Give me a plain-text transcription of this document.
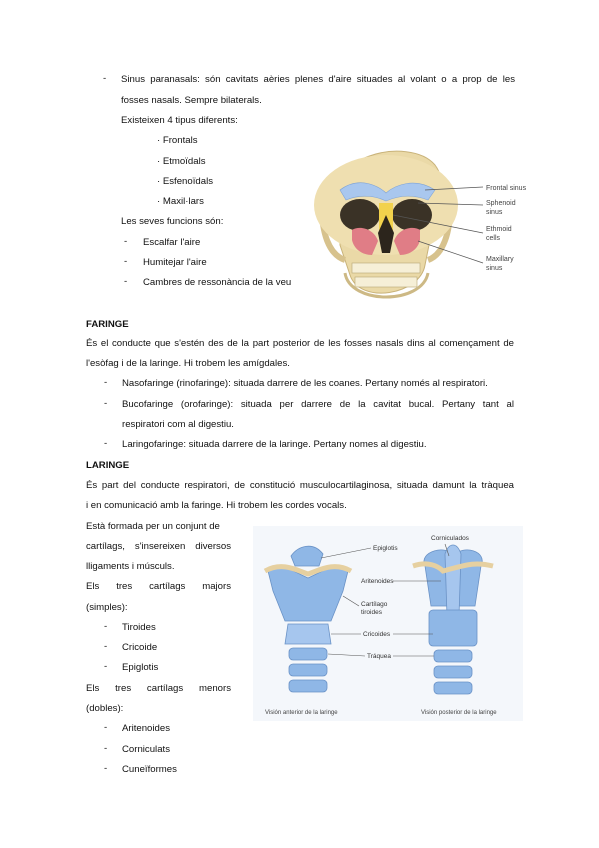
- Sinus paranasals: són cavitats aèries plenes d'aire situades al volant o a prop de les
fosses nasals. Sempre bilaterals.
Existeixen 4 tipus diferents:
· Frontals
· Etmoïdals
· Esfenoïdals
· Maxil·lars
Les seves funcions són:
- Escalfar l'aire
- Humitejar l'aire
- Cambres de ressonància de la veu
Frontal sinus
Sphenoid
sinus
Ethmoid
cells
Maxillary
sinus
FARINGE
És el conducte que s'estén des de la part posterior de les fosses nasals dins al començament de
l'esòfag i de la laringe. Hi trobem les amígdales.
- Nasofaringe (rinofaringe): situada darrere de les coanes. Pertany només al respiratori.
- Bucofaringe (orofaringe): situada per darrere de la cavitat bucal. Pertany tant al
respiratori com al digestiu.
- Laringofaringe: situada darrere de la laringe. Pertany nomes al digestiu.
LARINGE
És part del conducte respiratori, de constitució musculocartilaginosa, situada damunt la tràquea
i en comunicació amb la faringe. Hi trobem les cordes vocals.
Està formada per un conjunt de
cartílags, s'insereixen diversos
lligaments i músculs.
Els tres cartílags majors
(simples):
- Tiroides
- Cricoide
- Epiglotis
Els tres cartílags menors
(dobles):
- Aritenoides
- Corniculats
- Cuneïformes
Epiglotis
Corniculados
Aritenoides
Cartílago
tiroides
Cricoides
Tráquea
Visión anterior de la laringe	Visión posterior de la laringe
